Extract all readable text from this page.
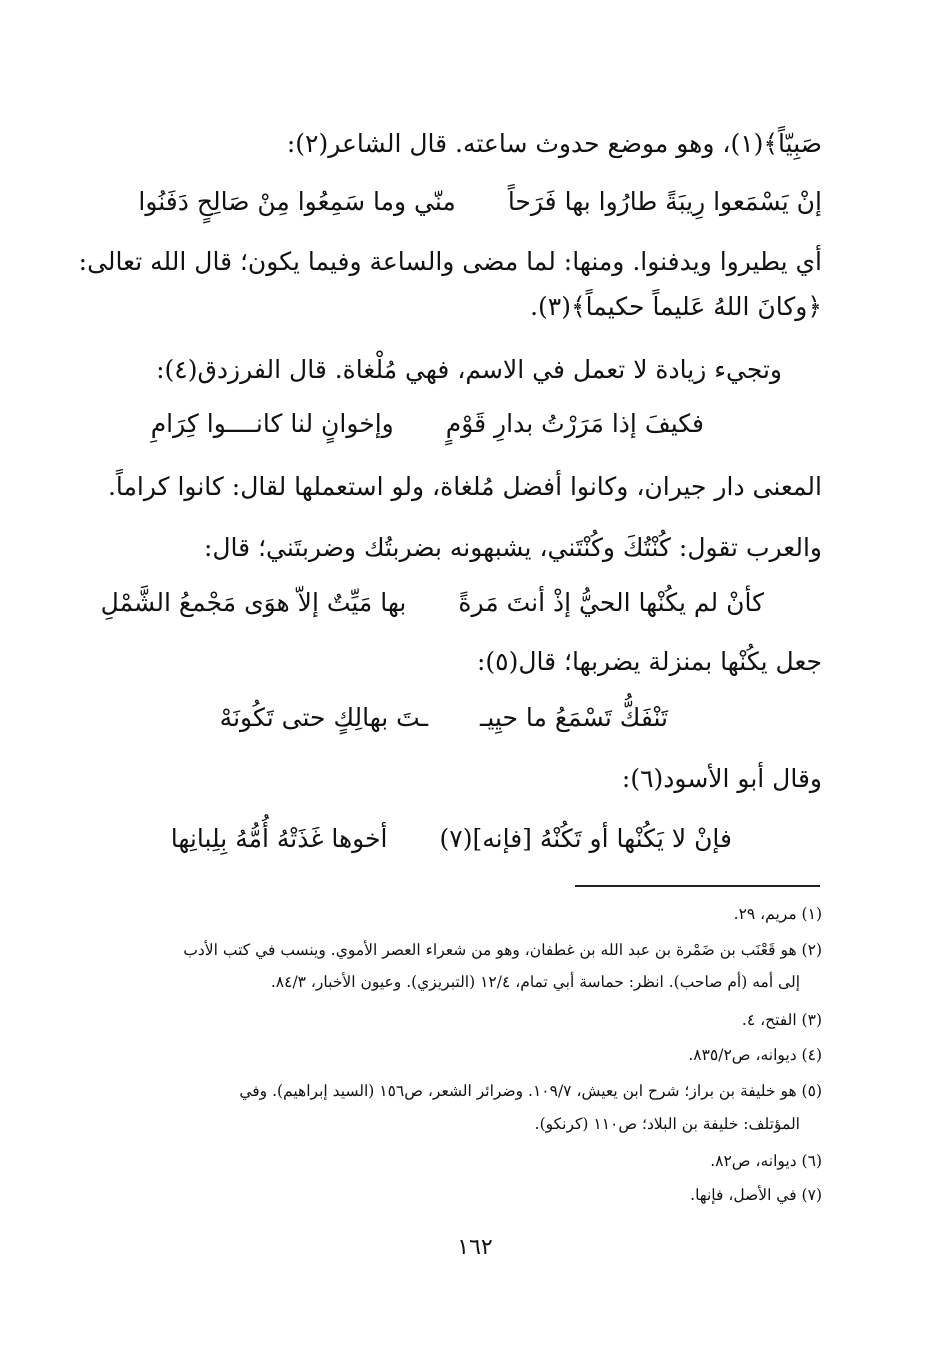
صَبِيّاً﴾(١)، وهو موضع حدوث ساعته. قال الشاعر(٢):
إنْ يَسْمَعوا رِيبَةً طارُوا بها فَرَحاً
منّي وما سَمِعُوا مِنْ صَالِحٍ دَفَنُوا
أي يطيروا ويدفنوا. ومنها: لما مضى والساعة وفيما يكون؛ قال الله تعالى:
﴿وكانَ اللهُ عَليماً حكيماً﴾(٣).
وتجيء زيادة لا تعمل في الاسم، فهي مُلْغاة. قال الفرزدق(٤):
فكيفَ إذا مَرَرْتُ بدارِ قَوْمٍ
وإخوانٍ لنا كانــــوا كِرَامِ
المعنى دار جيران، وكانوا أفضل مُلغاة، ولو استعملها لقال: كانوا كراماً.
والعرب تقول: كُنْتُكَ وكُنْتَني، يشبهونه بضربتُك وضربتَني؛ قال:
كأنْ لم يكُنْها الحيُّ إذْ أنتَ مَرةً
بها مَيِّتٌ إلاّ هوَى مَجْمعُ الشَّمْلِ
جعل يكُنْها بمنزلة يضربها؛ قال(٥):
تَنْفَكُّ تَسْمَعُ ما حيِيـ
ـتَ بهالِكٍ حتى تَكُونَهْ
وقال أبو الأسود(٦):
فإنْ لا يَكُنْها أو تَكُنْهُ [فإنه](٧)
أخوها غَذَتْهُ أُمُّهُ بِلِبانِها
(١) مريم، ٢٩.
(٢) هو قَعْنَب بن ضَمْرة بن عبد الله بن غطفان، وهو من شعراء العصر الأموي. وينسب في كتب الأدب
إلى أمه (أم صاحب). انظر: حماسة أبي تمام، ١٢/٤ (التبريزي). وعيون الأخبار، ٨٤/٣.
(٣) الفتح، ٤.
(٤) ديوانه، ص٨٣٥/٢.
(٥) هو خليفة بن براز؛ شرح ابن يعيش، ١٠٩/٧. وضرائر الشعر، ص١٥٦ (السيد إبراهيم). وفي
المؤتلف: خليفة بن البلاد؛ ص١١٠ (كرنكو).
(٦) ديوانه، ص٨٢.
(٧) في الأصل، فإنها.
١٦٢
